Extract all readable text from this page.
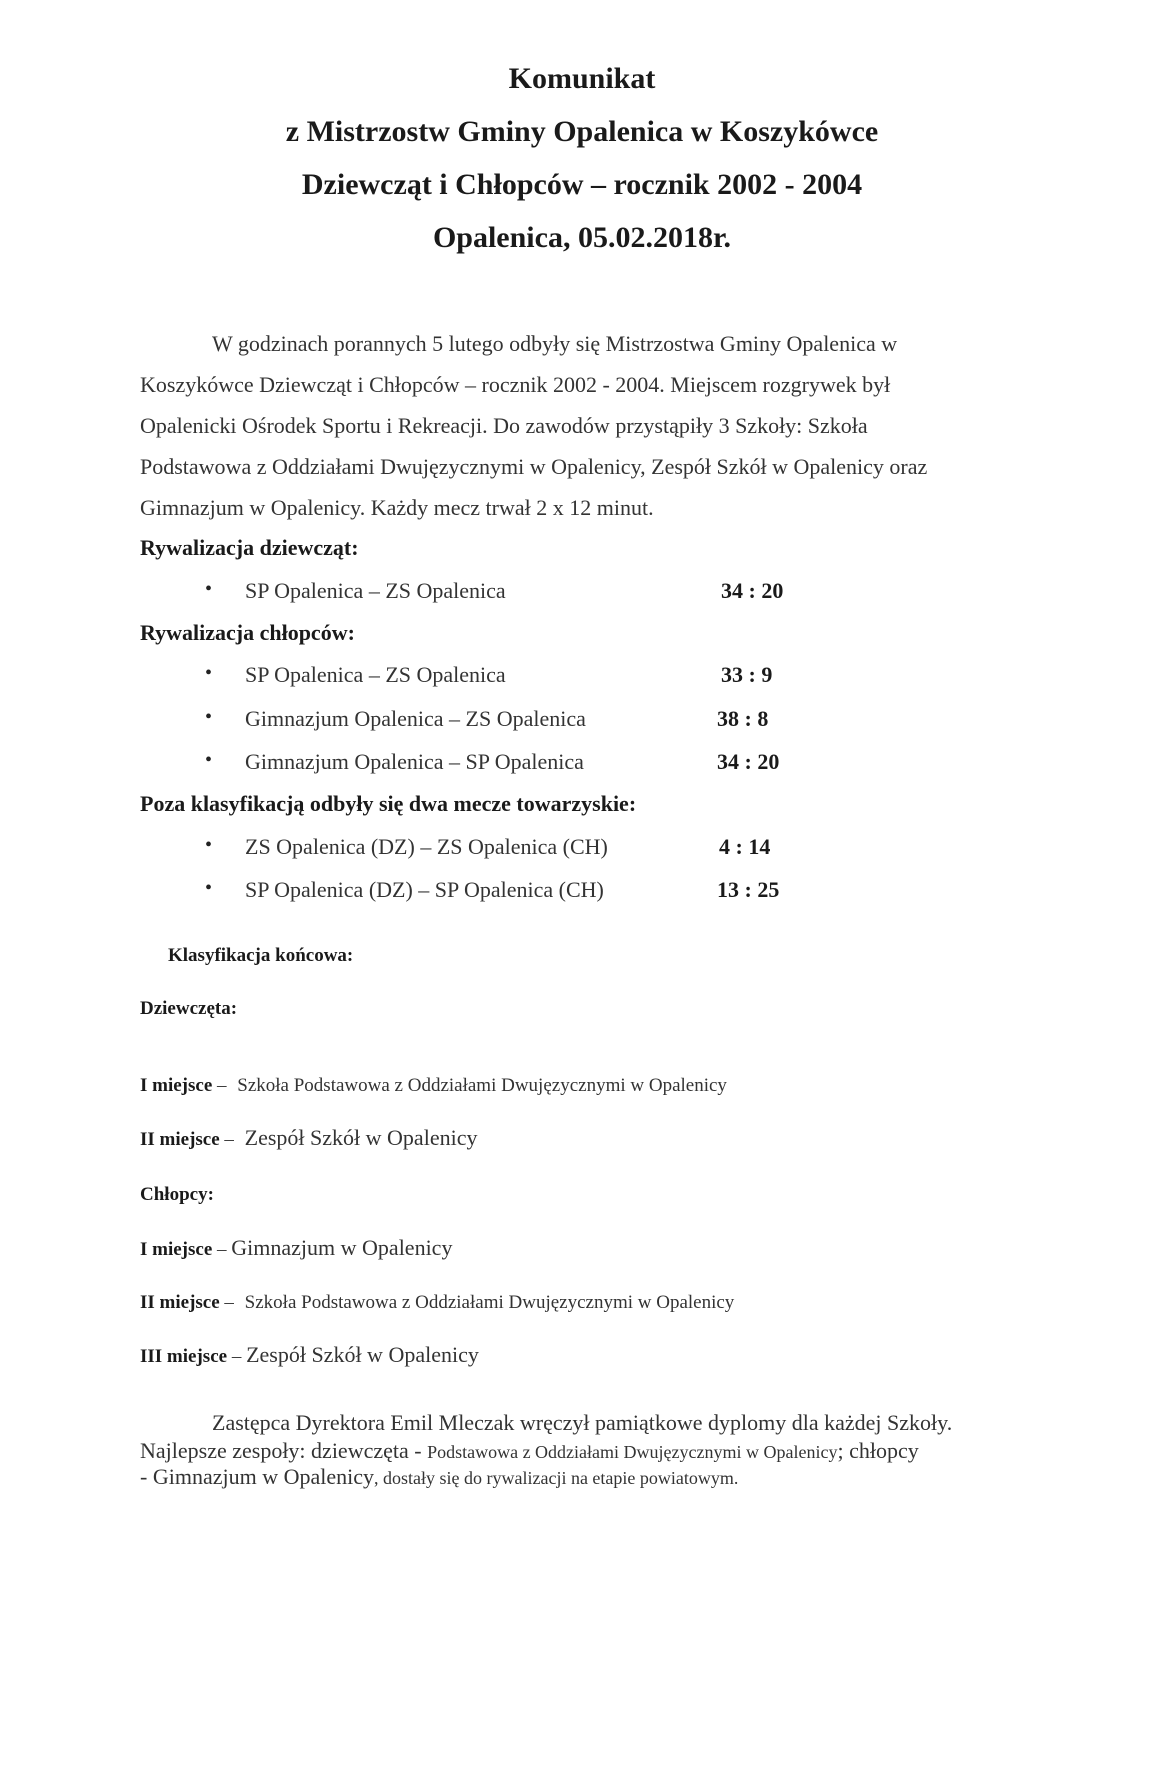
Komunikat
z Mistrzostw Gminy Opalenica w Koszykówce
Dziewcząt i Chłopców – rocznik 2002 - 2004
Opalenica, 05.02.2018r.
W godzinach porannych 5 lutego odbyły się Mistrzostwa Gminy Opalenica w
Koszykówce Dziewcząt i Chłopców – rocznik 2002 - 2004. Miejscem rozgrywek był
Opalenicki Ośrodek Sportu i Rekreacji. Do zawodów przystąpiły 3 Szkoły: Szkoła
Podstawowa z Oddziałami Dwujęzycznymi w Opalenicy, Zespół Szkół w Opalenicy oraz
Gimnazjum w Opalenicy. Każdy mecz trwał 2 x 12 minut.
Rywalizacja dziewcząt:
• SP Opalenica – ZS Opalenica	34 : 20
Rywalizacja chłopców:
• SP Opalenica – ZS Opalenica	33 : 9
• Gimnazjum Opalenica – ZS Opalenica	38 : 8
• Gimnazjum Opalenica – SP Opalenica	34 : 20
Poza klasyfikacją odbyły się dwa mecze towarzyskie:
• ZS Opalenica (DZ) – ZS Opalenica (CH)	4 : 14
• SP Opalenica (DZ) – SP Opalenica (CH)	13 : 25
Klasyfikacja końcowa:
Dziewczęta:
I miejsce – Szkoła Podstawowa z Oddziałami Dwujęzycznymi w Opalenicy
II miejsce – Zespół Szkół w Opalenicy
Chłopcy:
I miejsce – Gimnazjum w Opalenicy
II miejsce – Szkoła Podstawowa z Oddziałami Dwujęzycznymi w Opalenicy
III miejsce – Zespół Szkół w Opalenicy
Zastępca Dyrektora Emil Mleczak wręczył pamiątkowe dyplomy dla każdej Szkoły.
Najlepsze zespoły: dziewczęta - Podstawowa z Oddziałami Dwujęzycznymi w Opalenicy; chłopcy
- Gimnazjum w Opalenicy, dostały się do rywalizacji na etapie powiatowym.
